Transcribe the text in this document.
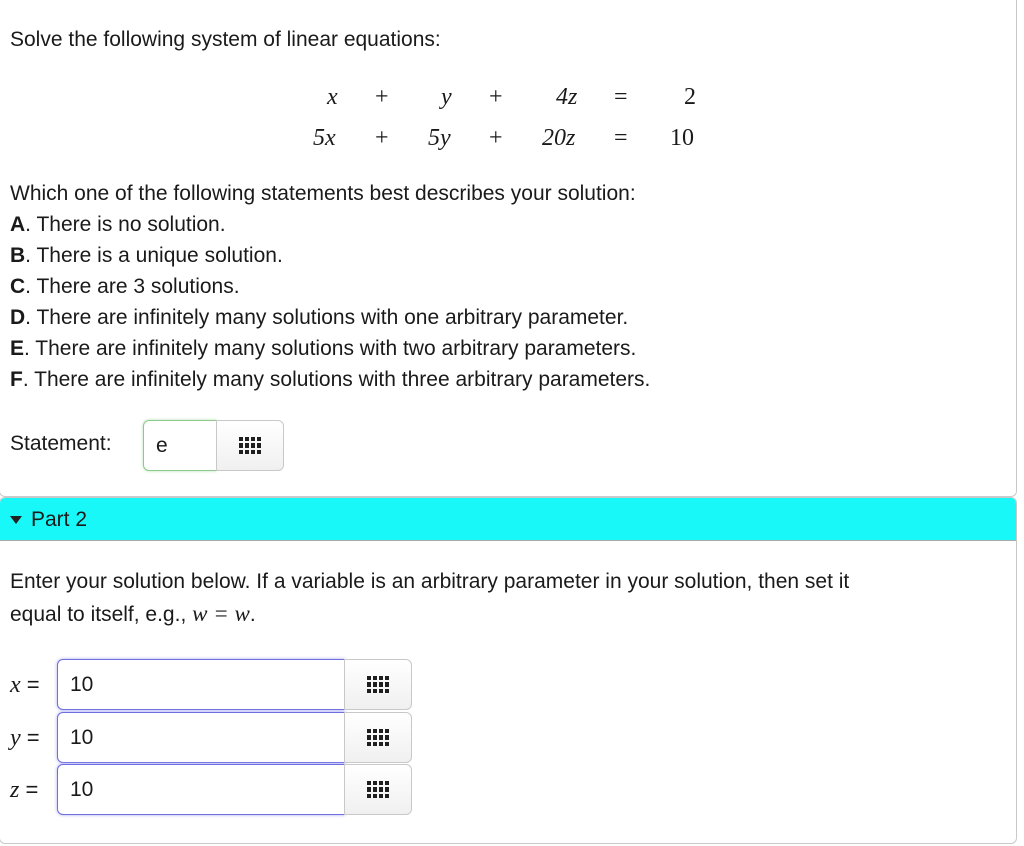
Solve the following system of linear equations:
x + y + 4z = 2
5x + 5y + 20z = 10
Which one of the following statements best describes your solution:
A. There is no solution.
B. There is a unique solution.
C. There are 3 solutions.
D. There are infinitely many solutions with one arbitrary parameter.
E. There are infinitely many solutions with two arbitrary parameters.
F. There are infinitely many solutions with three arbitrary parameters.
Statement: e
Part 2
Enter your solution below. If a variable is an arbitrary parameter in your solution, then set it
equal to itself, e.g., w = w.
x = 10
y = 10
z = 10
